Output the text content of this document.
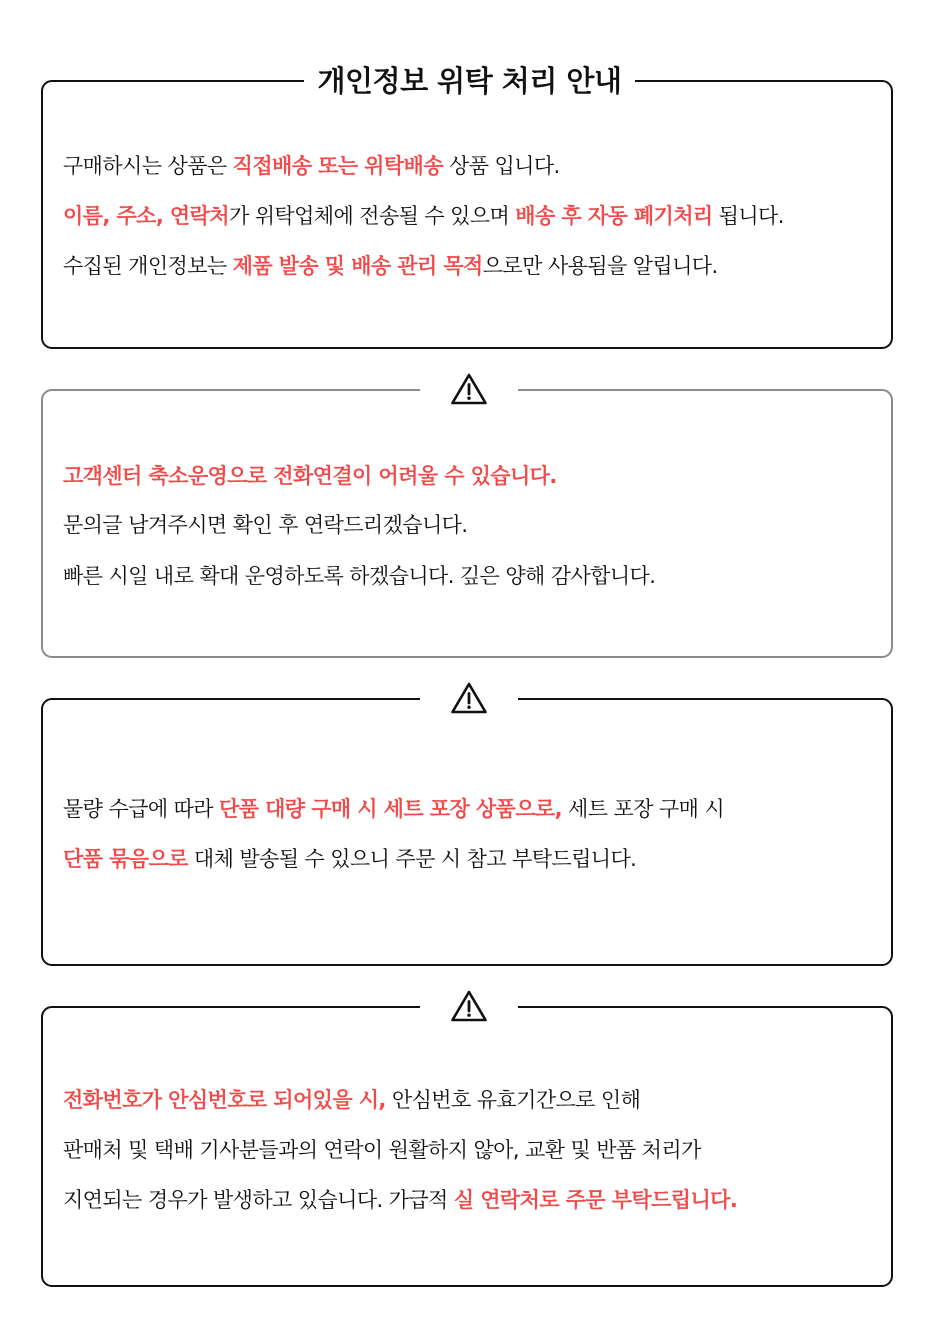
구매하시는 상품은 직접배송 또는 위탁배송 상품 입니다.
이름, 주소, 연락처가 위탁업체에 전송될 수 있으며 배송 후 자동 폐기처리 됩니다.
수집된 개인정보는 제품 발송 및 배송 관리 목적으로만 사용됨을 알립니다.
개인정보 위탁 처리 안내
고객센터 축소운영으로 전화연결이 어려울 수 있습니다.
문의글 남겨주시면 확인 후 연락드리겠습니다.
빠른 시일 내로 확대 운영하도록 하겠습니다. 깊은 양해 감사합니다.
물량 수급에 따라 단품 대량 구매 시 세트 포장 상품으로, 세트 포장 구매 시
단품 묶음으로 대체 발송될 수 있으니 주문 시 참고 부탁드립니다.
전화번호가 안심번호로 되어있을 시, 안심번호 유효기간으로 인해
판매처 및 택배 기사분들과의 연락이 원활하지 않아, 교환 및 반품 처리가
지연되는 경우가 발생하고 있습니다. 가급적 실 연락처로 주문 부탁드립니다.
